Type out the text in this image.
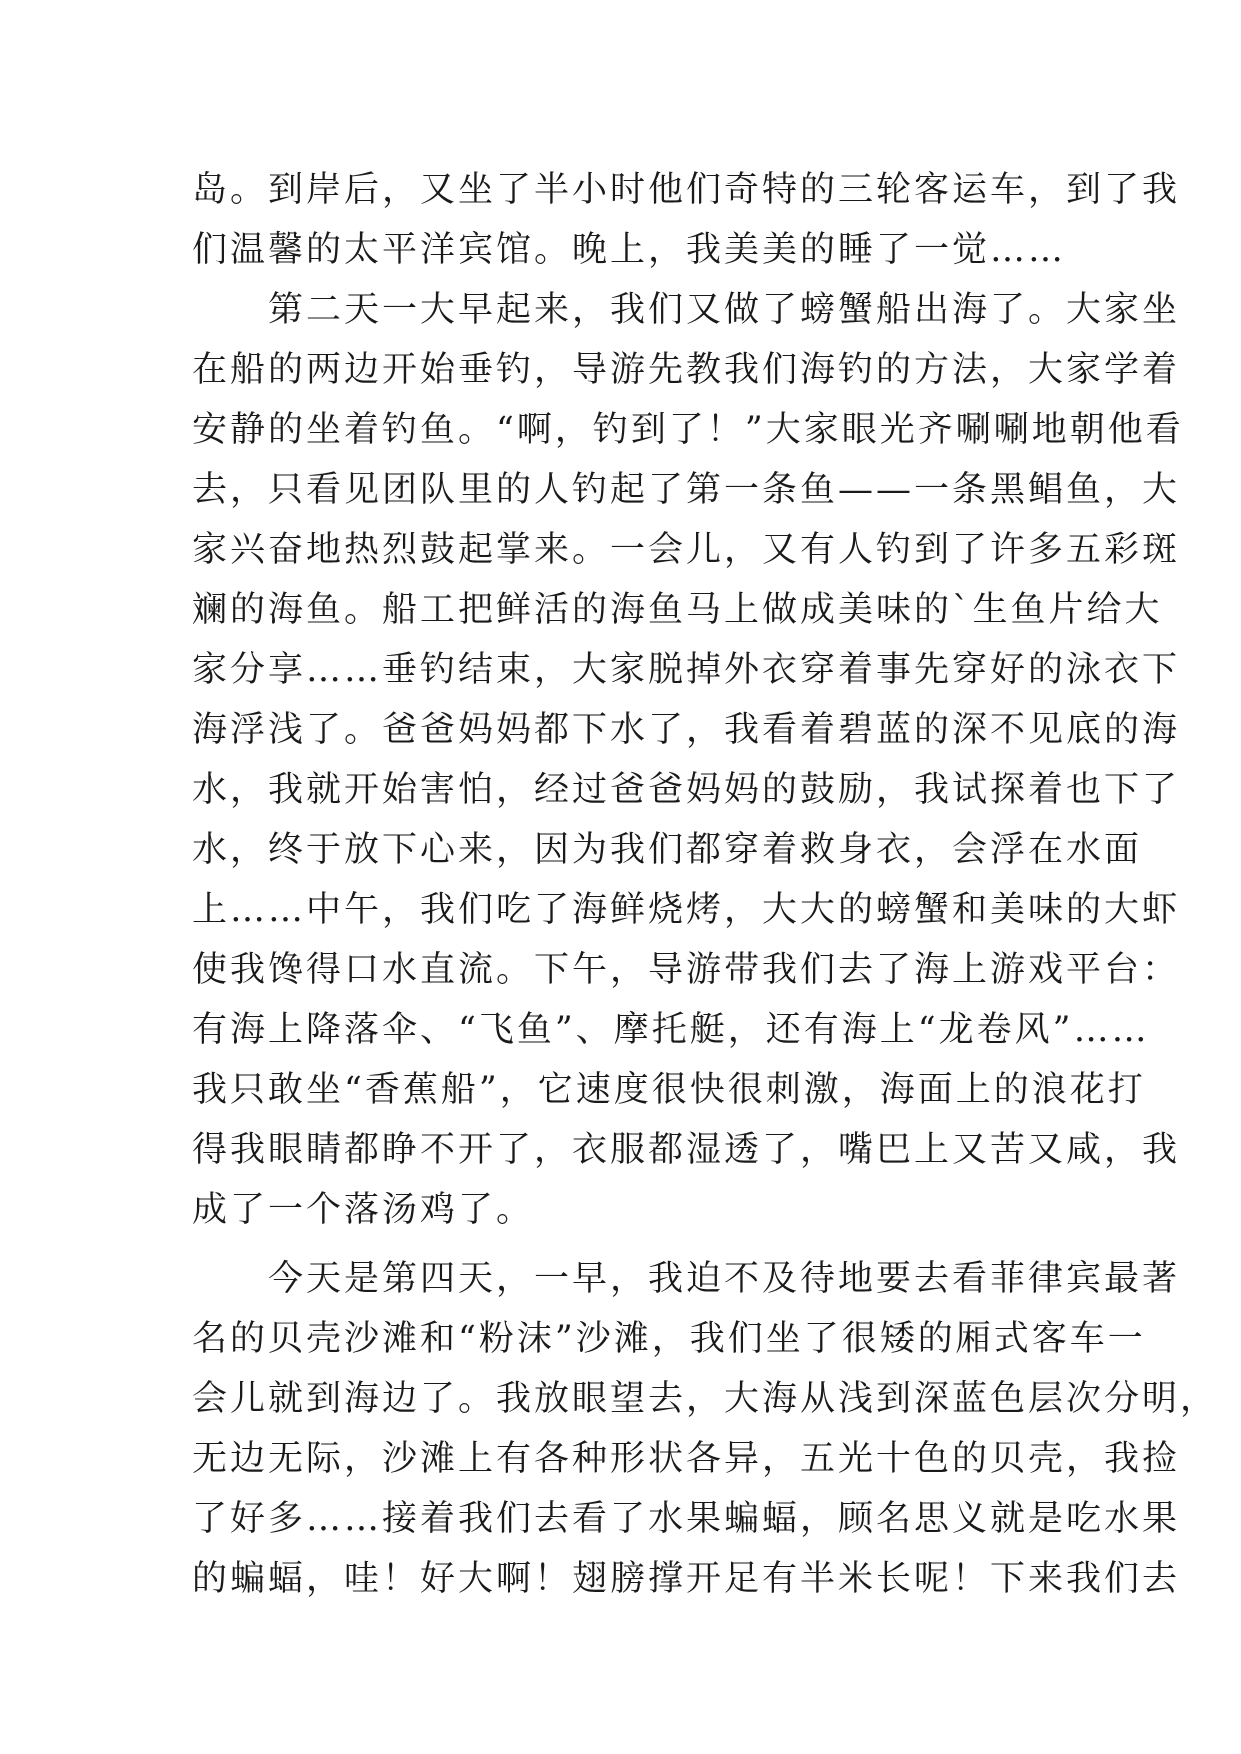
岛。到岸后，又坐了半小时他们奇特的三轮客运车，到了我
们温馨的太平洋宾馆。晚上，我美美的睡了一觉……
　　第二天一大早起来，我们又做了螃蟹船出海了。大家坐
在船的两边开始垂钓，导游先教我们海钓的方法，大家学着
安静的坐着钓鱼。“啊，钓到了！”大家眼光齐唰唰地朝他看
去，只看见团队里的人钓起了第一条鱼——一条黑鲳鱼，大
家兴奋地热烈鼓起掌来。一会儿，又有人钓到了许多五彩斑
斓的海鱼。船工把鲜活的海鱼马上做成美味的`生鱼片给大
家分享……垂钓结束，大家脱掉外衣穿着事先穿好的泳衣下
海浮浅了。爸爸妈妈都下水了，我看着碧蓝的深不见底的海
水，我就开始害怕，经过爸爸妈妈的鼓励，我试探着也下了
水，终于放下心来，因为我们都穿着救身衣，会浮在水面
上……中午，我们吃了海鲜烧烤，大大的螃蟹和美味的大虾
使我馋得口水直流。下午，导游带我们去了海上游戏平台：
有海上降落伞、“飞鱼”、摩托艇，还有海上“龙卷风”……
我只敢坐“香蕉船”，它速度很快很刺激，海面上的浪花打
得我眼睛都睁不开了，衣服都湿透了，嘴巴上又苦又咸，我
成了一个落汤鸡了。
　　今天是第四天，一早，我迫不及待地要去看菲律宾最著
名的贝壳沙滩和“粉沫”沙滩，我们坐了很矮的厢式客车一
会儿就到海边了。我放眼望去，大海从浅到深蓝色层次分明，
无边无际，沙滩上有各种形状各异，五光十色的贝壳，我捡
了好多……接着我们去看了水果蝙蝠，顾名思义就是吃水果
的蝙蝠，哇！好大啊！翅膀撑开足有半米长呢！下来我们去
